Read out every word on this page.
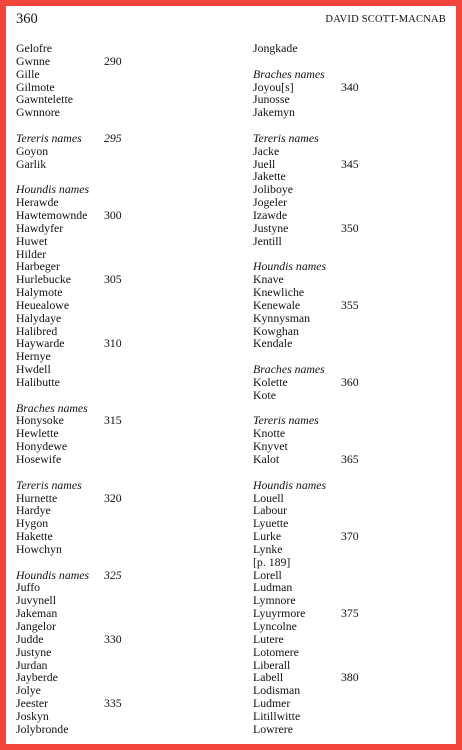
360	DAVID SCOTT-MACNAB
Gelofre
Gwnne	290
Gille
Gilmote
Gawntelette
Gwnnore
Tereris names 295
Goyon
Garlik
Houndis names
Herawde
Hawtemownde 300
Hawdyfer
Huwet
Hilder
Harbeger
Hurlebucke	305
Halymote
Heuealowe
Halydaye
Halibred
Haywarde	310
Hernye
Hwdell
Halibutte
Braches names
Honysoke	315
Hewlette
Honydewe
Hosewife
Tereris names
Hurnette	320
Hardye
Hygon
Hakette
Howchyn
Houndis names 325
Juffo
Juvynell
Jakeman
Jangelor
Judde	330
Justyne
Jurdan
Jayberde
Jolye
Jeester	335
Joskyn
Jolybronde
Jongkade
Braches names
Joyou[s]	340
Junosse
Jakemyn
Tereris names
Jacke
Juell	345
Jakette
Joliboye
Jogeler
Izawde
Justyne	350
Jentill
Houndis names
Knave
Knewliche
Kenewale	355
Kynnysman
Kowghan
Kendale
Braches names
Kolette	360
Kote
Tereris names
Knotte
Knyvet
Kalot	365
Houndis names
Louell
Labour
Lyuette
Lurke	370
Lynke
[p. 189]
Lorell
Ludman
Lymnore
Lyuyrmore	375
Lyncolne
Lutere
Lotomere
Liberall
Labell	380
Lodisman
Ludmer
Litillwitte
Lowrere
